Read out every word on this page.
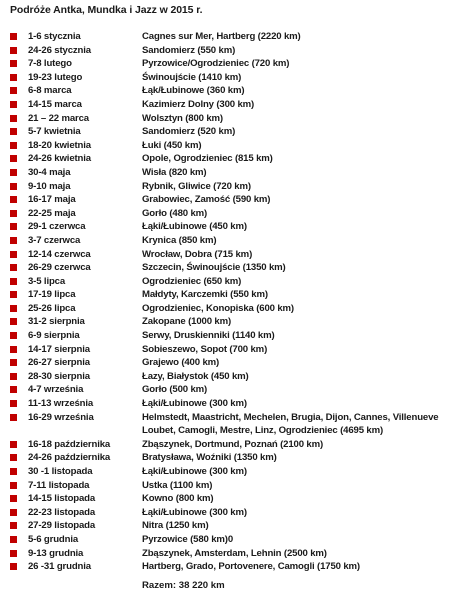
Podróże Antka, Mundka i Jazz w 2015 r.
1-6 stycznia	Cagnes sur Mer, Hartberg (2220 km)
24-26 stycznia	Sandomierz (550 km)
7-8 lutego	Pyrzowice/Ogrodzieniec (720 km)
19-23 lutego	Świnoujście (1410 km)
6-8 marca	Łąk/Łubinowe (360 km)
14-15 marca	Kazimierz Dolny (300 km)
21 – 22 marca	Wolsztyn (800 km)
5-7 kwietnia	Sandomierz (520 km)
18-20 kwietnia	Łuki (450 km)
24-26 kwietnia	Opole, Ogrodzieniec (815 km)
30-4 maja	Wisła (820 km)
9-10 maja	Rybnik, Gliwice (720 km)
16-17 maja	Grabowiec, Zamość (590 km)
22-25 maja	Gorło (480 km)
29-1 czerwca	Łąki/Łubinowe (450 km)
3-7 czerwca	Krynica (850 km)
12-14 czerwca	Wrocław, Dobra (715 km)
26-29 czerwca	Szczecin, Świnoujście (1350 km)
3-5 lipca	Ogrodzieniec (650 km)
17-19 lipca	Małdyty, Karczemki (550 km)
25-26 lipca	Ogrodzieniec, Konopiska (600 km)
31-2 sierpnia	Zakopane (1000 km)
6-9 sierpnia	Serwy, Druskienniki (1140 km)
14-17 sierpnia	Sobieszewo, Sopot (700 km)
26-27 sierpnia	Grajewo (400 km)
28-30 sierpnia	Łazy, Białystok (450 km)
4-7 września	Gorło (500 km)
11-13 września	Łąki/Łubinowe (300 km)
16-29 września	Helmstedt, Maastricht, Mechelen, Brugia, Dijon, Cannes, Villenueve Loubet, Camogli, Mestre, Linz, Ogrodzieniec (4695 km)
16-18 października	Zbąszynek, Dortmund, Poznań (2100 km)
24-26 października	Bratysława, Woźniki (1350 km)
30 -1 listopada	Łąki/Łubinowe (300 km)
7-11 listopada	Ustka (1100 km)
14-15 listopada	Kowno (800 km)
22-23 listopada	Łąki/Łubinowe (300 km)
27-29 listopada	Nitra (1250 km)
5-6 grudnia	Pyrzowice (580 km)0
9-13 grudnia	Zbąszynek, Amsterdam, Lehnin (2500 km)
26 -31 grudnia	Hartberg, Grado, Portovenere, Camogli (1750 km)
Razem: 38 220 km
